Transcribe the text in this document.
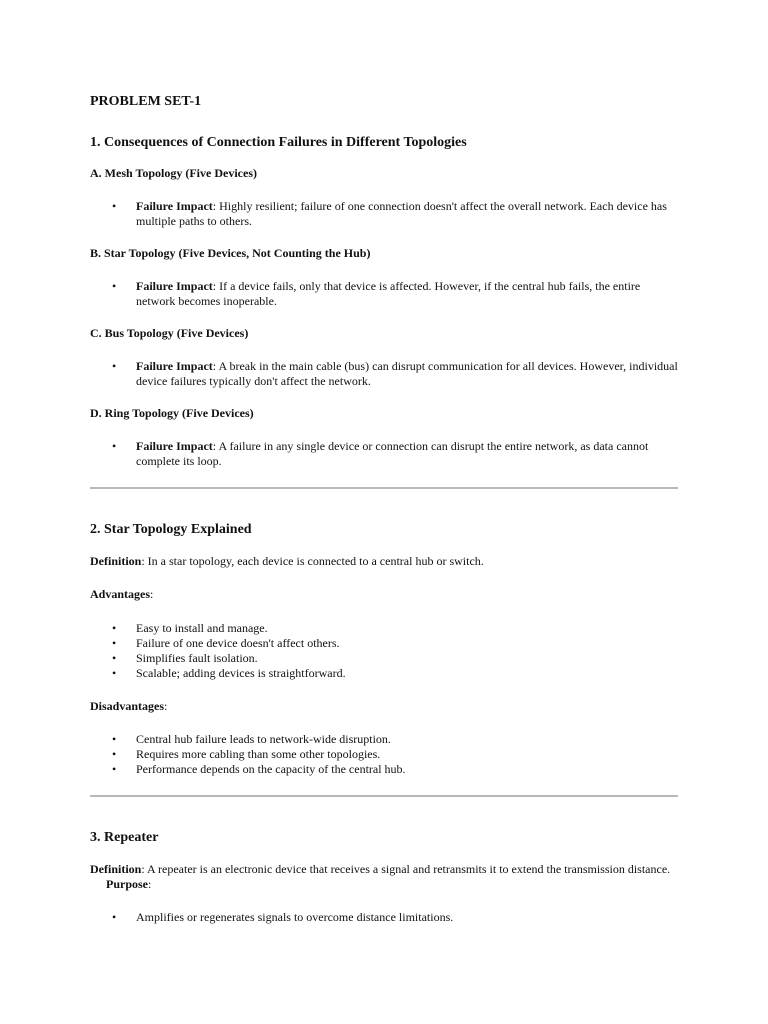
PROBLEM SET-1

1. Consequences of Connection Failures in Different Topologies

A. Mesh Topology (Five Devices)

• Failure Impact: Highly resilient; failure of one connection doesn't affect the overall network. Each device has multiple paths to others.

B. Star Topology (Five Devices, Not Counting the Hub)

• Failure Impact: If a device fails, only that device is affected. However, if the central hub fails, the entire network becomes inoperable.

C. Bus Topology (Five Devices)

• Failure Impact: A break in the main cable (bus) can disrupt communication for all devices. However, individual device failures typically don't affect the network.

D. Ring Topology (Five Devices)

• Failure Impact: A failure in any single device or connection can disrupt the entire network, as data cannot complete its loop.

2. Star Topology Explained

Definition: In a star topology, each device is connected to a central hub or switch.

Advantages:

• Easy to install and manage.
• Failure of one device doesn't affect others.
• Simplifies fault isolation.
• Scalable; adding devices is straightforward.

Disadvantages:

• Central hub failure leads to network-wide disruption.
• Requires more cabling than some other topologies.
• Performance depends on the capacity of the central hub.

3. Repeater

Definition: A repeater is an electronic device that receives a signal and retransmits it to extend the transmission distance.Purpose:

• Amplifies or regenerates signals to overcome distance limitations.
